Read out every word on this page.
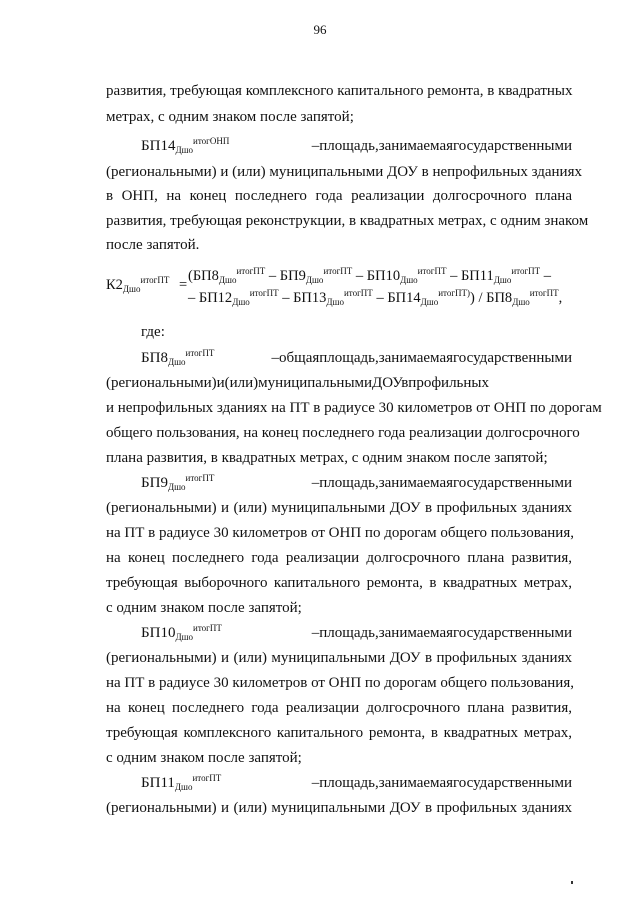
96
развития, требующая комплексного капитального ремонта, в квадратных
метрах, с одним знаком после запятой;
$БП14_{Дшо}^{итогОНП}$	–площадь,занимаемаягосударственными
(региональными) и (или) муниципальными ДОУ в непрофильных зданиях
в ОНП, на конец последнего года реализации долгосрочного плана
развития, требующая реконструкции, в квадратных метрах, с одним знаком
после запятой.
$К2_{Дшо}^{итогПТ}$ =
($БП8_{Дшо}^{итогПТ} - БП9_{Дшо}^{итогПТ} - БП10_{Дшо}^{итогПТ} - БП11_{Дшо}^{итогПТ}$ –
– $БП12_{Дшо}^{итогПТ} - БП13_{Дшо}^{итогПТ} - БП14_{Дшо}^{итогПТ)}) / БП8_{Дшо}^{итогПТ}$,
где:
$БП8_{Дшо}^{итогПТ}$	–общаяплощадь,занимаемаягосударственными
(региональными)и(или)муниципальнымиДОУвпрофильных
и непрофильных зданиях на ПТ в радиусе 30 километров от ОНП по дорогам
общего пользования, на конец последнего года реализации долгосрочного
плана развития, в квадратных метрах, с одним знаком после запятой;
$БП9_{Дшо}^{итогПТ}$	–площадь,занимаемаягосударственными
(региональными) и (или) муниципальными ДОУ в профильных зданиях
на ПТ в радиусе 30 километров от ОНП по дорогам общего пользования,
на конец последнего года реализации долгосрочного плана развития,
требующая выборочного капитального ремонта, в квадратных метрах,
с одним знаком после запятой;
$БП10_{Дшо}^{итогПТ}$	–площадь,занимаемаягосударственными
(региональными) и (или) муниципальными ДОУ в профильных зданиях
на ПТ в радиусе 30 километров от ОНП по дорогам общего пользования,
на конец последнего года реализации долгосрочного плана развития,
требующая комплексного капитального ремонта, в квадратных метрах,
с одним знаком после запятой;
$БП11_{Дшо}^{итогПТ}$	–площадь,занимаемаягосударственными
(региональными) и (или) муниципальными ДОУ в профильных зданиях
